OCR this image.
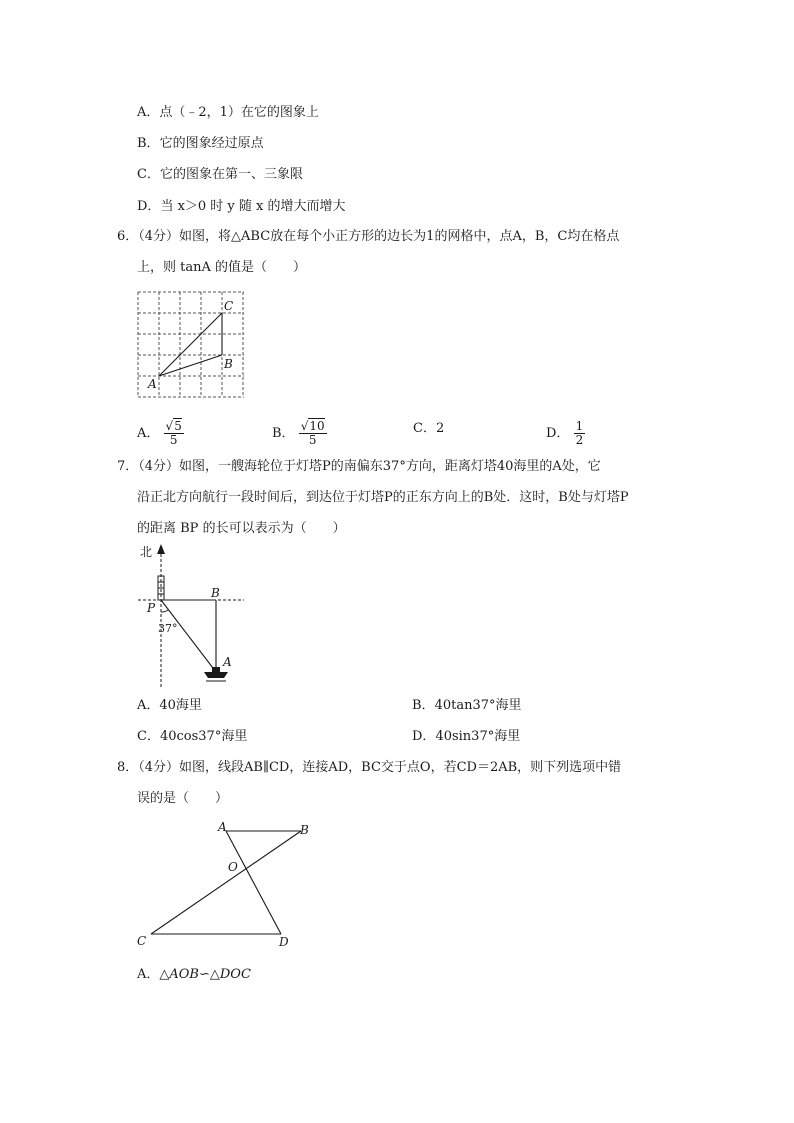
A．点（﹣2，1）在它的图象上
B．它的图象经过原点
C．它的图象在第一、三象限
D．当 x＞0 时 y 随 x 的增大而增大
6．（4分）如图，将△ABC放在每个小正方形的边长为1的网格中，点A，B，C均在格点
上，则 tanA 的值是（　　）
C
B
A
A． $\frac{√5}{5}$	B． $\frac{√10}{5}$	C．2	D． $\frac{1}{2}$
7．（4分）如图，一艘海轮位于灯塔P的南偏东37°方向，距离灯塔40海里的A处，它
沿正北方向航行一段时间后，到达位于灯塔P的正东方向上的B处．这时，B处与灯塔P
的距离 BP 的长可以表示为（　　）
北
P
B
A
37°
A．40海里	B．40tan37°海里
C．40cos37°海里	D．40sin37°海里
8．（4分）如图，线段AB∥CD，连接AD，BC交于点O，若CD＝2AB，则下列选项中错
误的是（　　）
A	B
O
C	D
A．△AOB∽△DOC
